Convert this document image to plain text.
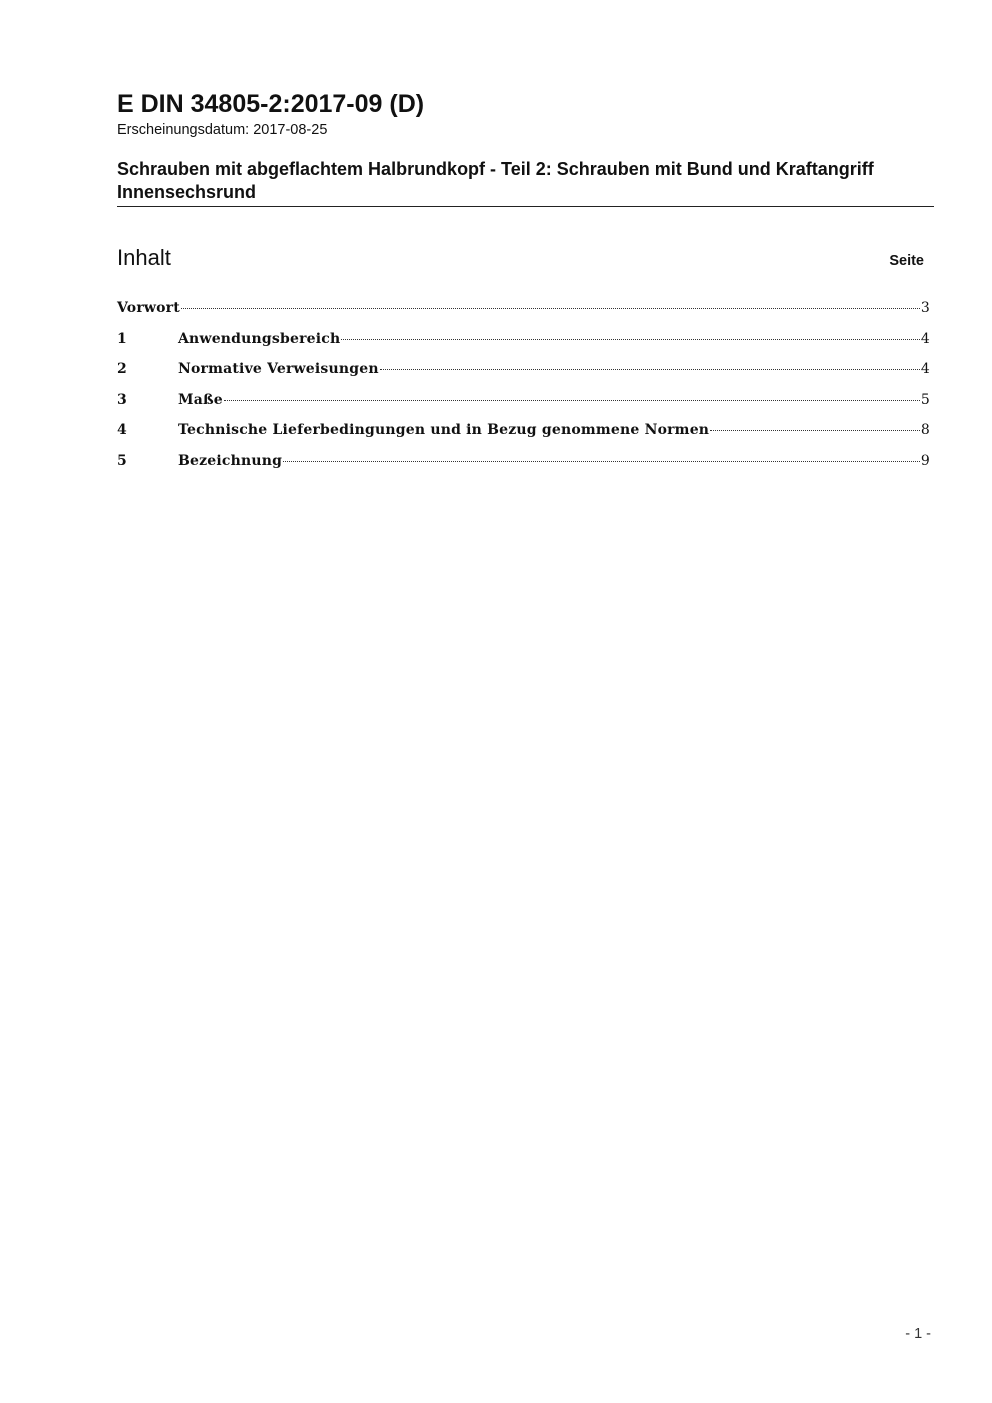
E DIN 34805-2:2017-09 (D)
Erscheinungsdatum: 2017-08-25
Schrauben mit abgeflachtem Halbrundkopf - Teil 2: Schrauben mit Bund und Kraftangriff Innensechsrund
Inhalt	Seite
Vorwort	3
1	Anwendungsbereich	4
2	Normative Verweisungen	4
3	Maße	5
4	Technische Lieferbedingungen und in Bezug genommene Normen	8
5	Bezeichnung	9
- 1 -
